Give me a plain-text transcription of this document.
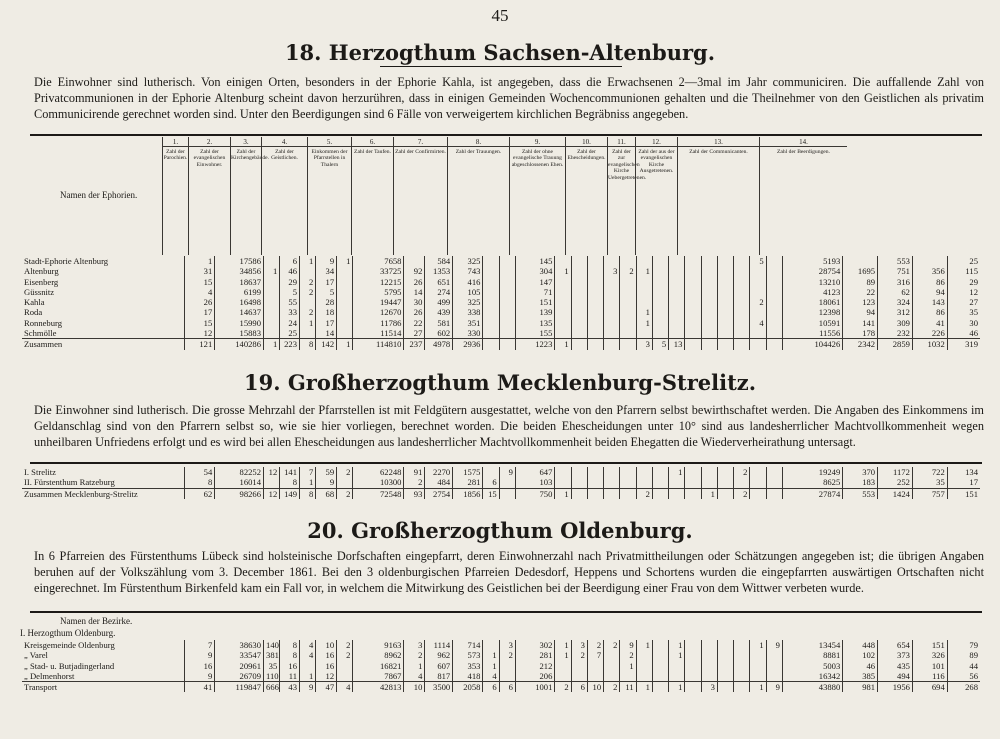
45
18. Herzogthum Sachsen-Altenburg.
Die Einwohner sind lutherisch. Von einigen Orten, besonders in der Ephorie Kahla, ist angegeben, dass die Erwachsenen 2—3mal im Jahr communiciren. Die auffallende Zahl von Privatcommunionen in der Ephorie Altenburg scheint davon herzurühren, dass in einigen Gemeinden Wochencommunionen gehalten und die Theilnehmer von den Geistlichen als privatim Communicirende gerechnet worden sind. Unter den Beerdigungen sind 6 Fälle von verweigertem kirchlichen Begräbniss angegeben.
1.
Zahl der Parochien.
2.
Zahl der evangelischen Einwohner.
3.
Zahl der Kirchengebäude.
4.
Zahl der Geistlichen.
5.
Einkommen der Pfarrstellen in Thalern
6.
Zahl der Taufen.
7.
Zahl der Confirmirten.
8.
Zahl der Trauungen.
9.
Zahl der ohne evangelische Trauung abgeschlossenen Ehen.
10.
Zahl der Ehescheidungen.
11.
Zahl der zur evangelischen Kirche Uebergetretenen.
12.
Zahl der aus der evangelischen Kirche Ausgetretenen.
13.
Zahl der Communicanten.
14.
Zahl der Beerdigungen.
Namen der Ephorien.
Stadt-Ephorie Altenburg	1	17586		6	1	9	1	7658		584	325			145													5		5193		553		25
Altenburg	31	34856	1	46		34		33725	92	1353	743			304	1			3	2	1									28754	1695	751	356	115
Eisenberg	15	18637		29	2	17		12215	26	651	416			147															13210	89	316	86	29
Güssnitz	4	6199		5	2	5		5795	14	274	105			71															4123	22	62	94	12
Kahla	26	16498		55		28		19447	30	499	325			151													2		18061	123	324	143	27
Roda	17	14637		33	2	18		12670	26	439	338			139						1									12398	94	312	86	35
Ronneburg	15	15990		24	1	17		11786	22	581	351			135						1							4		10591	141	309	41	30
Schmölle	12	15883		25		14		11514	27	602	330			155															11556	178	232	226	46
Zusammen	121	140286	1	223	8	142	1	114810	237	4978	2936			1223	1					3	5	13							104426	2342	2859	1032	319
19. Großherzogthum Mecklenburg-Strelitz.
Die Einwohner sind lutherisch. Die grosse Mehrzahl der Pfarrstellen ist mit Feldgütern ausgestattet, welche von den Pfarrern selbst bewirthschaftet werden. Die Angaben des Einkommens im Geldanschlag sind von den Pfarrern selbst so, wie sie hier vorliegen, berechnet worden. Die beiden Ehescheidungen unter 10° sind aus landesherrlicher Machtvollkommenheit wegen unheilbaren Unfriedens erfolgt und es wird bei allen Ehescheidungen aus landesherrlicher Machtvollkommenheit beiden Ehegatten die Wiederverheirathung untersagt.
I. Strelitz	54	82252	12	141	7	59	2	62248	91	2270	1575		9	647								1				2			19249	370	1172	722	134
II. Fürstenthum Ratzeburg	8	16014		8	1	9		10300	2	484	281	6		103															8625	183	252	35	17
Zusammen Mecklenburg-Strelitz	62	98266	12	149	8	68	2	72548	93	2754	1856	15		750	1					2				1		2			27874	553	1424	757	151
20. Großherzogthum Oldenburg.
In 6 Pfarreien des Fürstenthums Lübeck sind holsteinische Dorfschaften eingepfarrt, deren Einwohnerzahl nach Privatmittheilungen oder Schätzungen angegeben ist; die übrigen Angaben beruhen auf der Volkszählung vom 3. December 1861. Bei den 3 oldenburgischen Pfarreien Dedesdorf, Heppens und Schortens wurden die eingepfarrten auswärtigen Ortschaften nicht eingerechnet. Im Fürstenthum Birkenfeld kam ein Fall vor, in welchem die Mitwirkung des Geistlichen bei der Beerdigung einer Frau von dem Wittwer verbeten wurde.
Namen der Bezirke.
I. Herzogthum Oldenburg.
Kreisgemeinde Oldenburg	7	38630	140	8	4	10	2	9163	3	1114	714		3	302	1	3	2	2	9	1		1					1	9	13454	448	654	151	79
„ Varel	9	33547	381	8	4	16	2	8962	2	962	573	1	2	281	1	2	7		2			1							8881	102	373	326	89
„ Stad- u. Butjadingerland	16	20961	35	16		16		16821	1	607	353	1		212					1										5003	46	435	101	44
„ Delmenhorst	9	26709	110	11	1	12		7867	4	817	418	4		206															16342	385	494	116	56
Transport	41	119847	666	43	9	47	4	42813	10	3500	2058	6	6	1001	2	6	10	2	11	1		1		3			1	9	43880	981	1956	694	268
